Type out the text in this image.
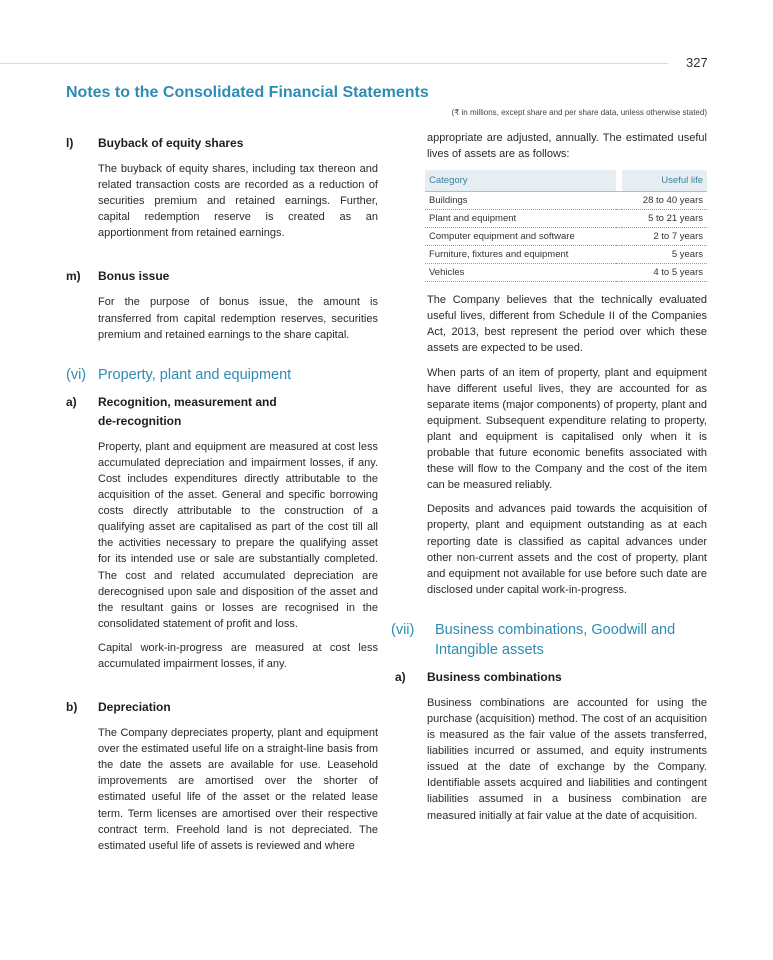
327
Notes to the Consolidated Financial Statements
(₹ in millions, except share and per share data, unless otherwise stated)
l)	Buyback of equity shares

The buyback of equity shares, including tax thereon and related transaction costs are recorded as a reduction of securities premium and retained earnings. Further, capital redemption reserve is created as an apportionment from retained earnings.

m)	Bonus issue

For the purpose of bonus issue, the amount is transferred from capital redemption reserves, securities premium and retained earnings to the share capital.

(vi) Property, plant and equipment
a)	Recognition, measurement and de-recognition

Property, plant and equipment are measured at cost less accumulated depreciation and impairment losses, if any. Cost includes expenditures directly attributable to the acquisition of the asset. General and specific borrowing costs directly attributable to the construction of a qualifying asset are capitalised as part of the cost till all the activities necessary to prepare the qualifying asset for its intended use or sale are substantially completed. The cost and related accumulated depreciation are derecognised upon sale and disposition of the asset and the resultant gains or losses are recognised in the consolidated statement of profit and loss.

Capital work-in-progress are measured at cost less accumulated impairment losses, if any.

b)	Depreciation

The Company depreciates property, plant and equipment over the estimated useful life on a straight-line basis from the date the assets are available for use. Leasehold improvements are amortised over the shorter of estimated useful life of the asset or the related lease term. Term licenses are amortised over their respective contract term. Freehold land is not depreciated. The estimated useful life of assets is reviewed and where

appropriate are adjusted, annually. The estimated useful lives of assets are as follows:

Category		Useful life
Buildings		28 to 40 years
Plant and equipment		5 to 21 years
Computer equipment and software		2 to 7 years
Furniture, fixtures and equipment		5 years
Vehicles		4 to 5 years

The Company believes that the technically evaluated useful lives, different from Schedule II of the Companies Act, 2013, best represent the period over which these assets are expected to be used.

When parts of an item of property, plant and equipment have different useful lives, they are accounted for as separate items (major components) of property, plant and equipment. Subsequent expenditure relating to property, plant and equipment is capitalised only when it is probable that future economic benefits associated with these will flow to the Company and the cost of the item can be measured reliably.

Deposits and advances paid towards the acquisition of property, plant and equipment outstanding as at each reporting date is classified as capital advances under other non-current assets and the cost of property, plant and equipment not available for use before such date are disclosed under capital work-in-progress.

(vii)	Business combinations, Goodwill and Intangible assets
a)	Business combinations

Business combinations are accounted for using the purchase (acquisition) method. The cost of an acquisition is measured as the fair value of the assets transferred, liabilities incurred or assumed, and equity instruments issued at the date of exchange by the Company. Identifiable assets acquired and liabilities and contingent liabilities assumed in a business combination are measured initially at fair value at the date of acquisition.
